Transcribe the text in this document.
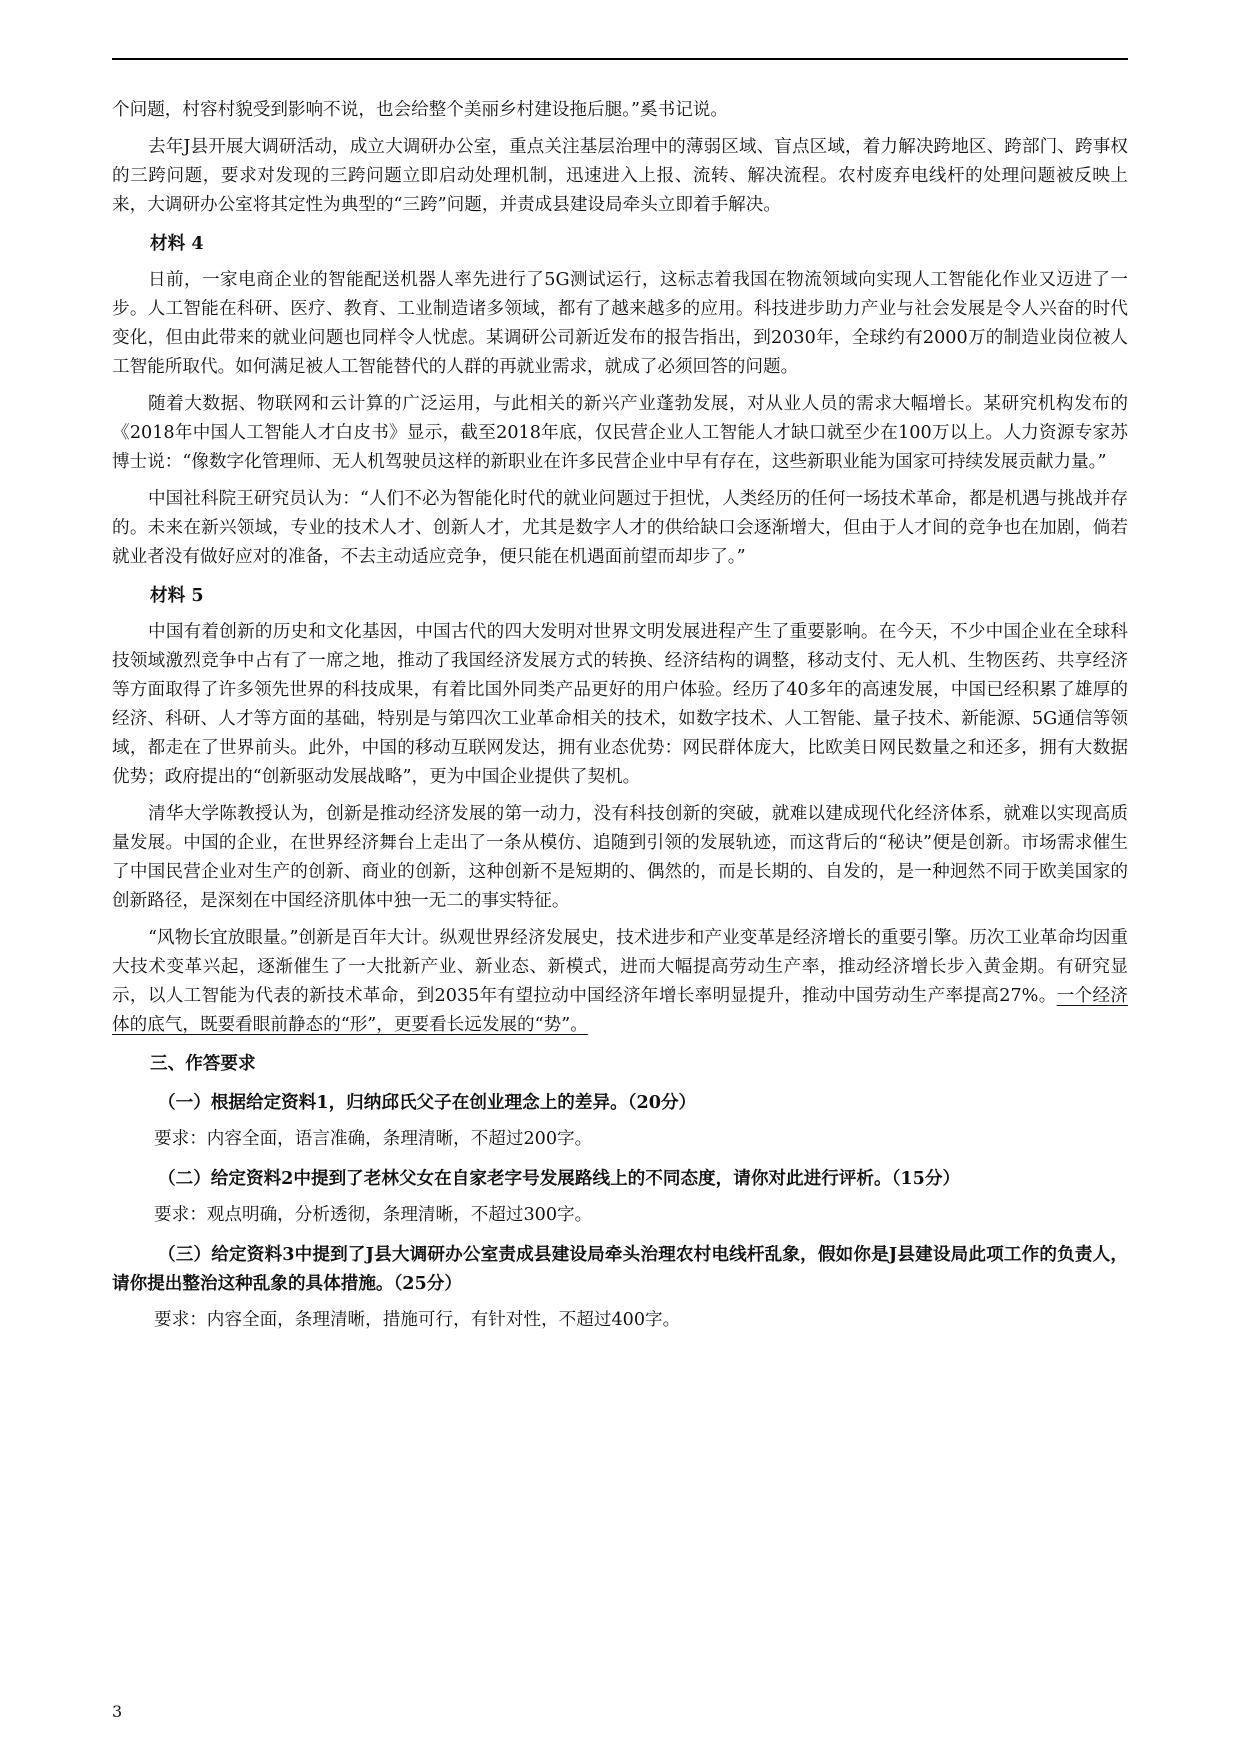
个问题，村容村貌受到影响不说，也会给整个美丽乡村建设拖后腿。”奚书记说。

去年J县开展大调研活动，成立大调研办公室，重点关注基层治理中的薄弱区域、盲点区域，着力解决跨地区、跨部门、跨事权的三跨问题，要求对发现的三跨问题立即启动处理机制，迅速进入上报、流转、解决流程。农村废弃电线杆的处理问题被反映上来，大调研办公室将其定性为典型的“三跨”问题，并责成县建设局牵头立即着手解决。

材料 4

日前，一家电商企业的智能配送机器人率先进行了5G测试运行，这标志着我国在物流领域向实现人工智能化作业又迈进了一步。人工智能在科研、医疗、教育、工业制造诸多领域，都有了越来越多的应用。科技进步助力产业与社会发展是令人兴奋的时代变化，但由此带来的就业问题也同样令人忧虑。某调研公司新近发布的报告指出，到2030年，全球约有2000万的制造业岗位被人工智能所取代。如何满足被人工智能替代的人群的再就业需求，就成了必须回答的问题。

随着大数据、物联网和云计算的广泛运用，与此相关的新兴产业蓬勃发展，对从业人员的需求大幅增长。某研究机构发布的《2018年中国人工智能人才白皮书》显示，截至2018年底，仅民营企业人工智能人才缺口就至少在100万以上。人力资源专家苏博士说：“像数字化管理师、无人机驾驶员这样的新职业在许多民营企业中早有存在，这些新职业能为国家可持续发展贡献力量。”

中国社科院王研究员认为：“人们不必为智能化时代的就业问题过于担忧，人类经历的任何一场技术革命，都是机遇与挑战并存的。未来在新兴领域，专业的技术人才、创新人才，尤其是数字人才的供给缺口会逐渐增大，但由于人才间的竞争也在加剧，倘若就业者没有做好应对的准备，不去主动适应竞争，便只能在机遇面前望而却步了。”

材料 5

中国有着创新的历史和文化基因，中国古代的四大发明对世界文明发展进程产生了重要影响。在今天，不少中国企业在全球科技领域激烈竞争中占有了一席之地，推动了我国经济发展方式的转换、经济结构的调整，移动支付、无人机、生物医药、共享经济等方面取得了许多领先世界的科技成果，有着比国外同类产品更好的用户体验。经历了40多年的高速发展，中国已经积累了雄厚的经济、科研、人才等方面的基础，特别是与第四次工业革命相关的技术，如数字技术、人工智能、量子技术、新能源、5G通信等领域，都走在了世界前头。此外，中国的移动互联网发达，拥有业态优势：网民群体庞大，比欧美日网民数量之和还多，拥有大数据优势；政府提出的“创新驱动发展战略”，更为中国企业提供了契机。

清华大学陈教授认为，创新是推动经济发展的第一动力，没有科技创新的突破，就难以建成现代化经济体系，就难以实现高质量发展。中国的企业，在世界经济舞台上走出了一条从模仿、追随到引领的发展轨迹，而这背后的“秘诀”便是创新。市场需求催生了中国民营企业对生产的创新、商业的创新，这种创新不是短期的、偶然的，而是长期的、自发的，是一种迥然不同于欧美国家的创新路径，是深刻在中国经济肌体中独一无二的事实特征。

“风物长宜放眼量。”创新是百年大计。纵观世界经济发展史，技术进步和产业变革是经济增长的重要引擎。历次工业革命均因重大技术变革兴起，逐渐催生了一大批新产业、新业态、新模式，进而大幅提高劳动生产率，推动经济增长步入黄金期。有研究显示，以人工智能为代表的新技术革命，到2035年有望拉动中国经济年增长率明显提升，推动中国劳动生产率提高27%。一个经济体的底气，既要看眼前静态的“形”，更要看长远发展的“势”。

三、作答要求

（一）根据给定资料1，归纳邱氏父子在创业理念上的差异。（20分）

要求：内容全面，语言准确，条理清晰，不超过200字。

（二）给定资料2中提到了老林父女在自家老字号发展路线上的不同态度，请你对此进行评析。（15分）

要求：观点明确，分析透彻，条理清晰，不超过300字。

（三）给定资料3中提到了J县大调研办公室责成县建设局牵头治理农村电线杆乱象，假如你是J县建设局此项工作的负责人，请你提出整治这种乱象的具体措施。（25分）

要求：内容全面，条理清晰，措施可行，有针对性，不超过400字。

3
